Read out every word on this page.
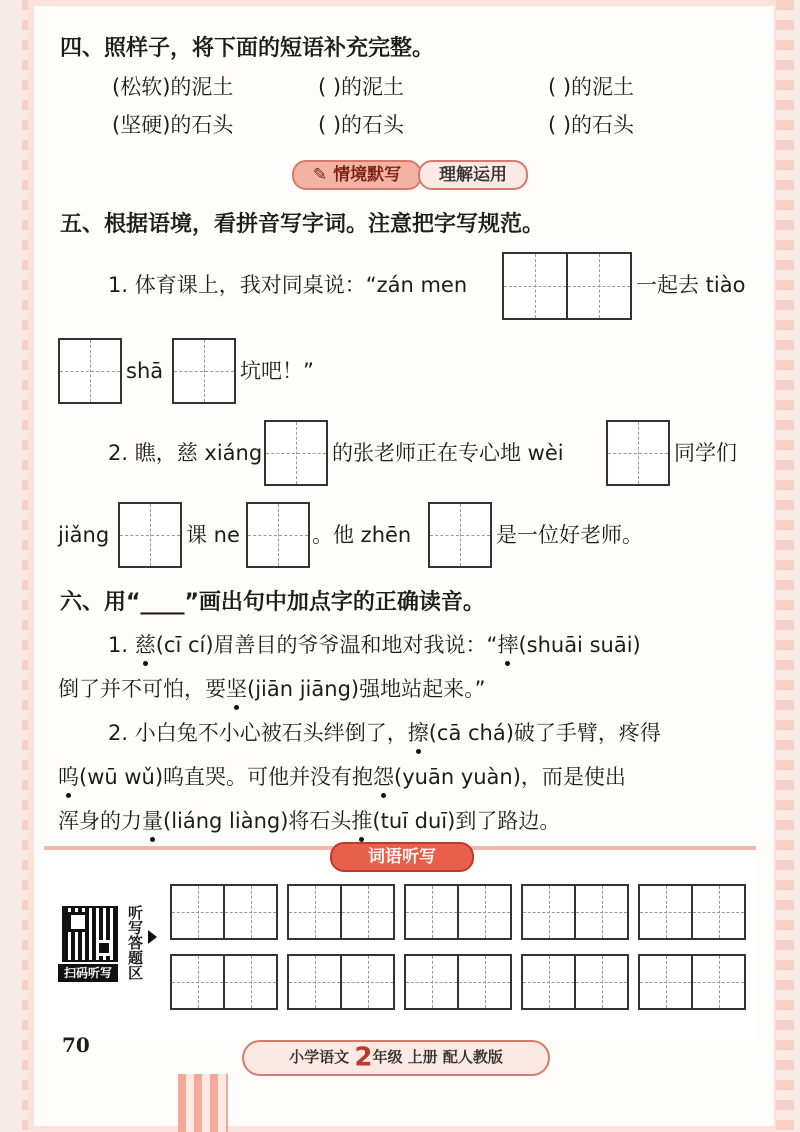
四、照样子，将下面的短语补充完整。
(松软)的泥土	( )的泥土	( )的泥土
(坚硬)的石头	( )的石头	( )的石头
✎ 情境默写	理解运用
五、根据语境，看拼音写字词。注意把字写规范。
1. 体育课上，我对同桌说：“zán men	一起去 tiào
shā	坑吧！”
2. 瞧，慈 xiáng	的张老师正在专心地 wèi	同学们
jiǎng	课 ne	。他 zhēn	是一位好老师。
六、用“____”画出句中加点字的正确读音。
1. 慈(cī cí)眉善目的爷爷温和地对我说：“摔(shuāi suāi)
倒了并不可怕，要坚(jiān jiāng)强地站起来。”
2. 小白兔不小心被石头绊倒了，擦(cā chá)破了手臂，疼得
呜(wū wǔ)呜直哭。可他并没有抱怨(yuān yuàn)，而是使出
浑身的力量(liáng liàng)将石头推(tuī duī)到了路边。
词语听写
扫码听写
听写答题区
70	小学语文 2年级 上册 配人教版
